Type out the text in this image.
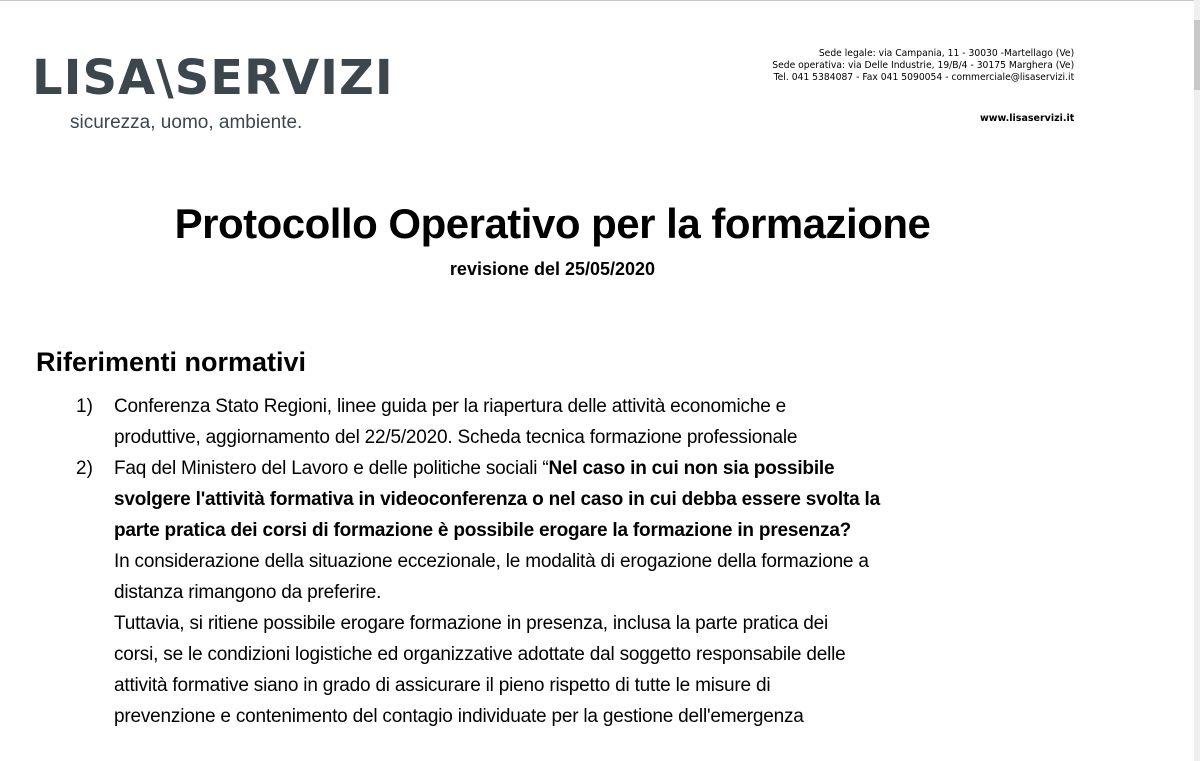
LISA\SERVIZI
sicurezza, uomo, ambiente.
Sede legale: via Campania, 11 - 30030 -Martellago (Ve)
Sede operativa: via Delle Industrie, 19/B/4 - 30175 Marghera (Ve)
Tel. 041 5384087 - Fax 041 5090054 - commerciale@lisaservizi.it
www.lisaservizi.it
Protocollo Operativo per la formazione
revisione del 25/05/2020
Riferimenti normativi
1) Conferenza Stato Regioni, linee guida per la riapertura delle attività economiche e
produttive, aggiornamento del 22/5/2020. Scheda tecnica formazione professionale
2) Faq del Ministero del Lavoro e delle politiche sociali “Nel caso in cui non sia possibile
svolgere l'attività formativa in videoconferenza o nel caso in cui debba essere svolta la
parte pratica dei corsi di formazione è possibile erogare la formazione in presenza?
In considerazione della situazione eccezionale, le modalità di erogazione della formazione a
distanza rimangono da preferire.
Tuttavia, si ritiene possibile erogare formazione in presenza, inclusa la parte pratica dei
corsi, se le condizioni logistiche ed organizzative adottate dal soggetto responsabile delle
attività formative siano in grado di assicurare il pieno rispetto di tutte le misure di
prevenzione e contenimento del contagio individuate per la gestione dell'emergenza
